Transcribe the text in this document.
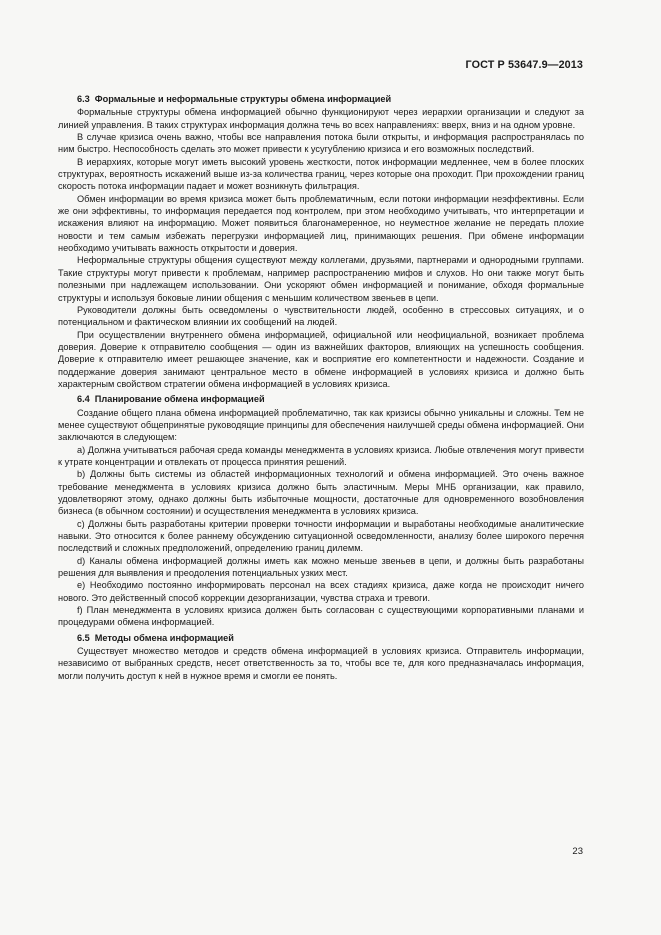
ГОСТ Р 53647.9—2013
6.3 Формальные и неформальные структуры обмена информацией

Формальные структуры обмена информацией обычно функционируют через иерархии организации и следуют за линией управления. В таких структурах информация должна течь во всех направлениях: вверх, вниз и на одном уровне.

В случае кризиса очень важно, чтобы все направления потока были открыты, и информация распространялась по ним быстро. Неспособность сделать это может привести к усугублению кризиса и его возможных последствий.

В иерархиях, которые могут иметь высокий уровень жесткости, поток информации медленнее, чем в более плоских структурах, вероятность искажений выше из-за количества границ, через которые она проходит. При прохождении границ скорость потока информации падает и может возникнуть фильтрация.

Обмен информации во время кризиса может быть проблематичным, если потоки информации неэффективны. Если же они эффективны, то информация передается под контролем, при этом необходимо учитывать, что интерпретации и искажения влияют на информацию. Может появиться благонамеренное, но неуместное желание не передать плохие новости и тем самым избежать перегрузки информацией лиц, принимающих решения. При обмене информации необходимо учитывать важность открытости и доверия.

Неформальные структуры общения существуют между коллегами, друзьями, партнерами и однородными группами. Такие структуры могут привести к проблемам, например распространению мифов и слухов. Но они также могут быть полезными при надлежащем использовании. Они ускоряют обмен информацией и понимание, обходя формальные структуры и используя боковые линии общения с меньшим количеством звеньев в цепи.

Руководители должны быть осведомлены о чувствительности людей, особенно в стрессовых ситуациях, и о потенциальном и фактическом влиянии их сообщений на людей.

При осуществлении внутреннего обмена информацией, официальной или неофициальной, возникает проблема доверия. Доверие к отправителю сообщения — один из важнейших факторов, влияющих на успешность сообщения. Доверие к отправителю имеет решающее значение, как и восприятие его компетентности и надежности. Создание и поддержание доверия занимают центральное место в обмене информацией в условиях кризиса и должно быть характерным свойством стратегии обмена информацией в условиях кризиса.

6.4 Планирование обмена информацией

Создание общего плана обмена информацией проблематично, так как кризисы обычно уникальны и сложны. Тем не менее существуют общепринятые руководящие принципы для обеспечения наилучшей среды обмена информацией. Они заключаются в следующем:

a) Должна учитываться рабочая среда команды менеджмента в условиях кризиса. Любые отвлечения могут привести к утрате концентрации и отвлекать от процесса принятия решений.

b) Должны быть системы из областей информационных технологий и обмена информацией. Это очень важное требование менеджмента в условиях кризиса должно быть эластичным. Меры МНБ организации, как правило, удовлетворяют этому, однако должны быть избыточные мощности, достаточные для одновременного возобновления бизнеса (в обычном состоянии) и осуществления менеджмента в условиях кризиса.

c) Должны быть разработаны критерии проверки точности информации и выработаны необходимые аналитические навыки. Это относится к более раннему обсуждению ситуационной осведомленности, анализу более широкого перечня последствий и сложных предположений, определению границ дилемм.

d) Каналы обмена информацией должны иметь как можно меньше звеньев в цепи, и должны быть разработаны решения для выявления и преодоления потенциальных узких мест.

e) Необходимо постоянно информировать персонал на всех стадиях кризиса, даже когда не происходит ничего нового. Это действенный способ коррекции дезорганизации, чувства страха и тревоги.

f) План менеджмента в условиях кризиса должен быть согласован с существующими корпоративными планами и процедурами обмена информацией.

6.5 Методы обмена информацией

Существует множество методов и средств обмена информацией в условиях кризиса. Отправитель информации, независимо от выбранных средств, несет ответственность за то, чтобы все те, для кого предназначалась информация, могли получить доступ к ней в нужное время и смогли ее понять.

23
